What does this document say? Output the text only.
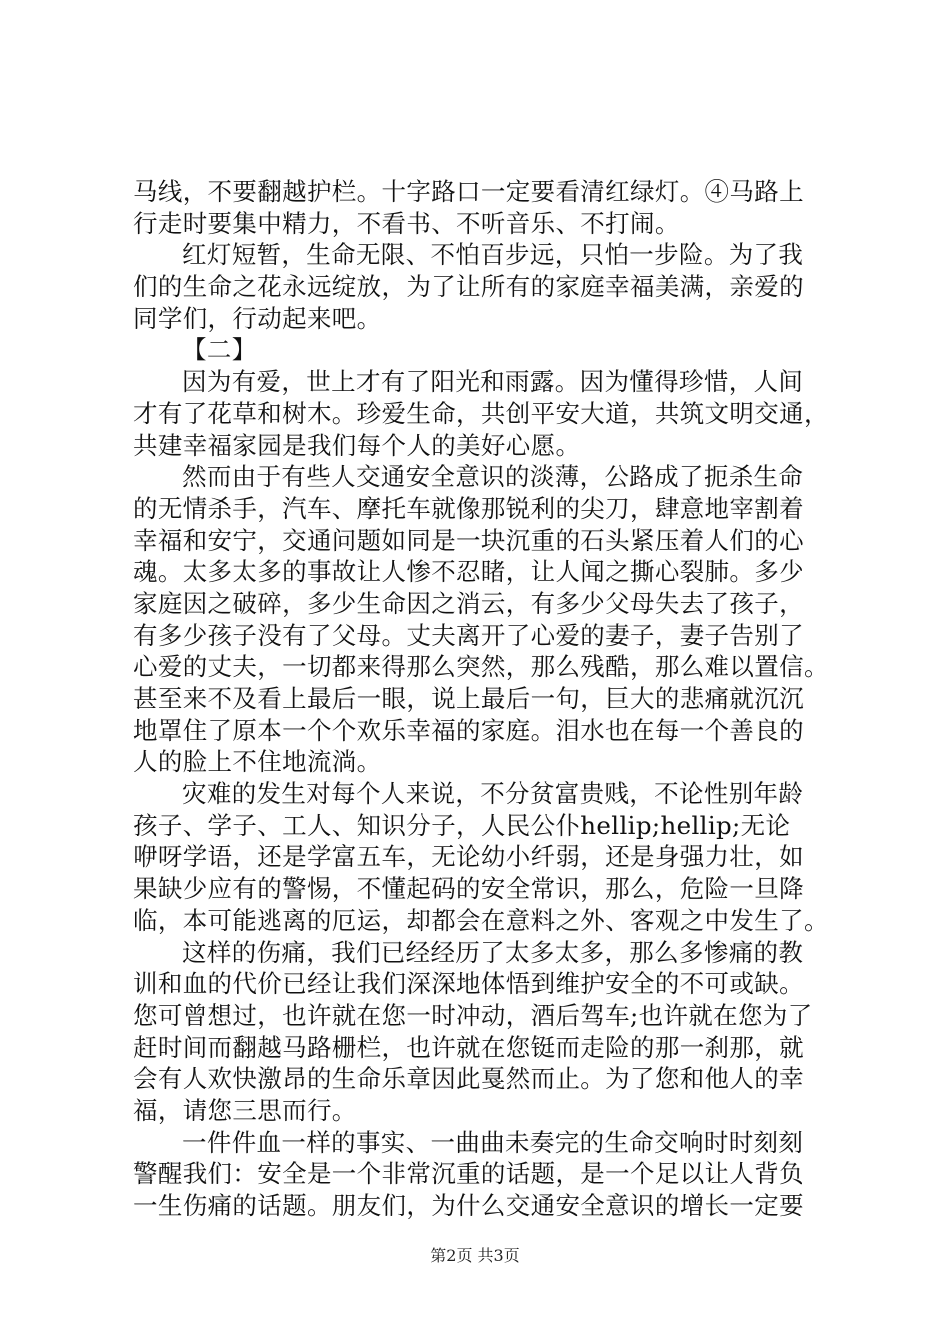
马线，不要翻越护栏。十字路口一定要看清红绿灯。④马路上
行走时要集中精力，不看书、不听音乐、不打闹。
红灯短暂，生命无限、不怕百步远，只怕一步险。为了我
们的生命之花永远绽放，为了让所有的家庭幸福美满，亲爱的
同学们，行动起来吧。
【二】
因为有爱，世上才有了阳光和雨露。因为懂得珍惜，人间
才有了花草和树木。珍爱生命，共创平安大道，共筑文明交通，
共建幸福家园是我们每个人的美好心愿。
然而由于有些人交通安全意识的淡薄，公路成了扼杀生命
的无情杀手，汽车、摩托车就像那锐利的尖刀，肆意地宰割着
幸福和安宁，交通问题如同是一块沉重的石头紧压着人们的心
魂。太多太多的事故让人惨不忍睹，让人闻之撕心裂肺。多少
家庭因之破碎，多少生命因之消云，有多少父母失去了孩子，
有多少孩子没有了父母。丈夫离开了心爱的妻子，妻子告别了
心爱的丈夫，一切都来得那么突然，那么残酷，那么难以置信。
甚至来不及看上最后一眼，说上最后一句，巨大的悲痛就沉沉
地罩住了原本一个个欢乐幸福的家庭。泪水也在每一个善良的
人的脸上不住地流淌。
灾难的发生对每个人来说，不分贫富贵贱，不论性别年龄
孩子、学子、工人、知识分子，人民公仆hellip;hellip;无论
咿呀学语，还是学富五车，无论幼小纤弱，还是身强力壮，如
果缺少应有的警惕，不懂起码的安全常识，那么，危险一旦降
临，本可能逃离的厄运，却都会在意料之外、客观之中发生了。
这样的伤痛，我们已经经历了太多太多，那么多惨痛的教
训和血的代价已经让我们深深地体悟到维护安全的不可或缺。
您可曾想过，也许就在您一时冲动，酒后驾车;也许就在您为了
赶时间而翻越马路栅栏，也许就在您铤而走险的那一刹那，就
会有人欢快激昂的生命乐章因此戛然而止。为了您和他人的幸
福，请您三思而行。
一件件血一样的事实、一曲曲未奏完的生命交响时时刻刻
警醒我们：安全是一个非常沉重的话题，是一个足以让人背负
一生伤痛的话题。朋友们，为什么交通安全意识的增长一定要
第2页 共3页
